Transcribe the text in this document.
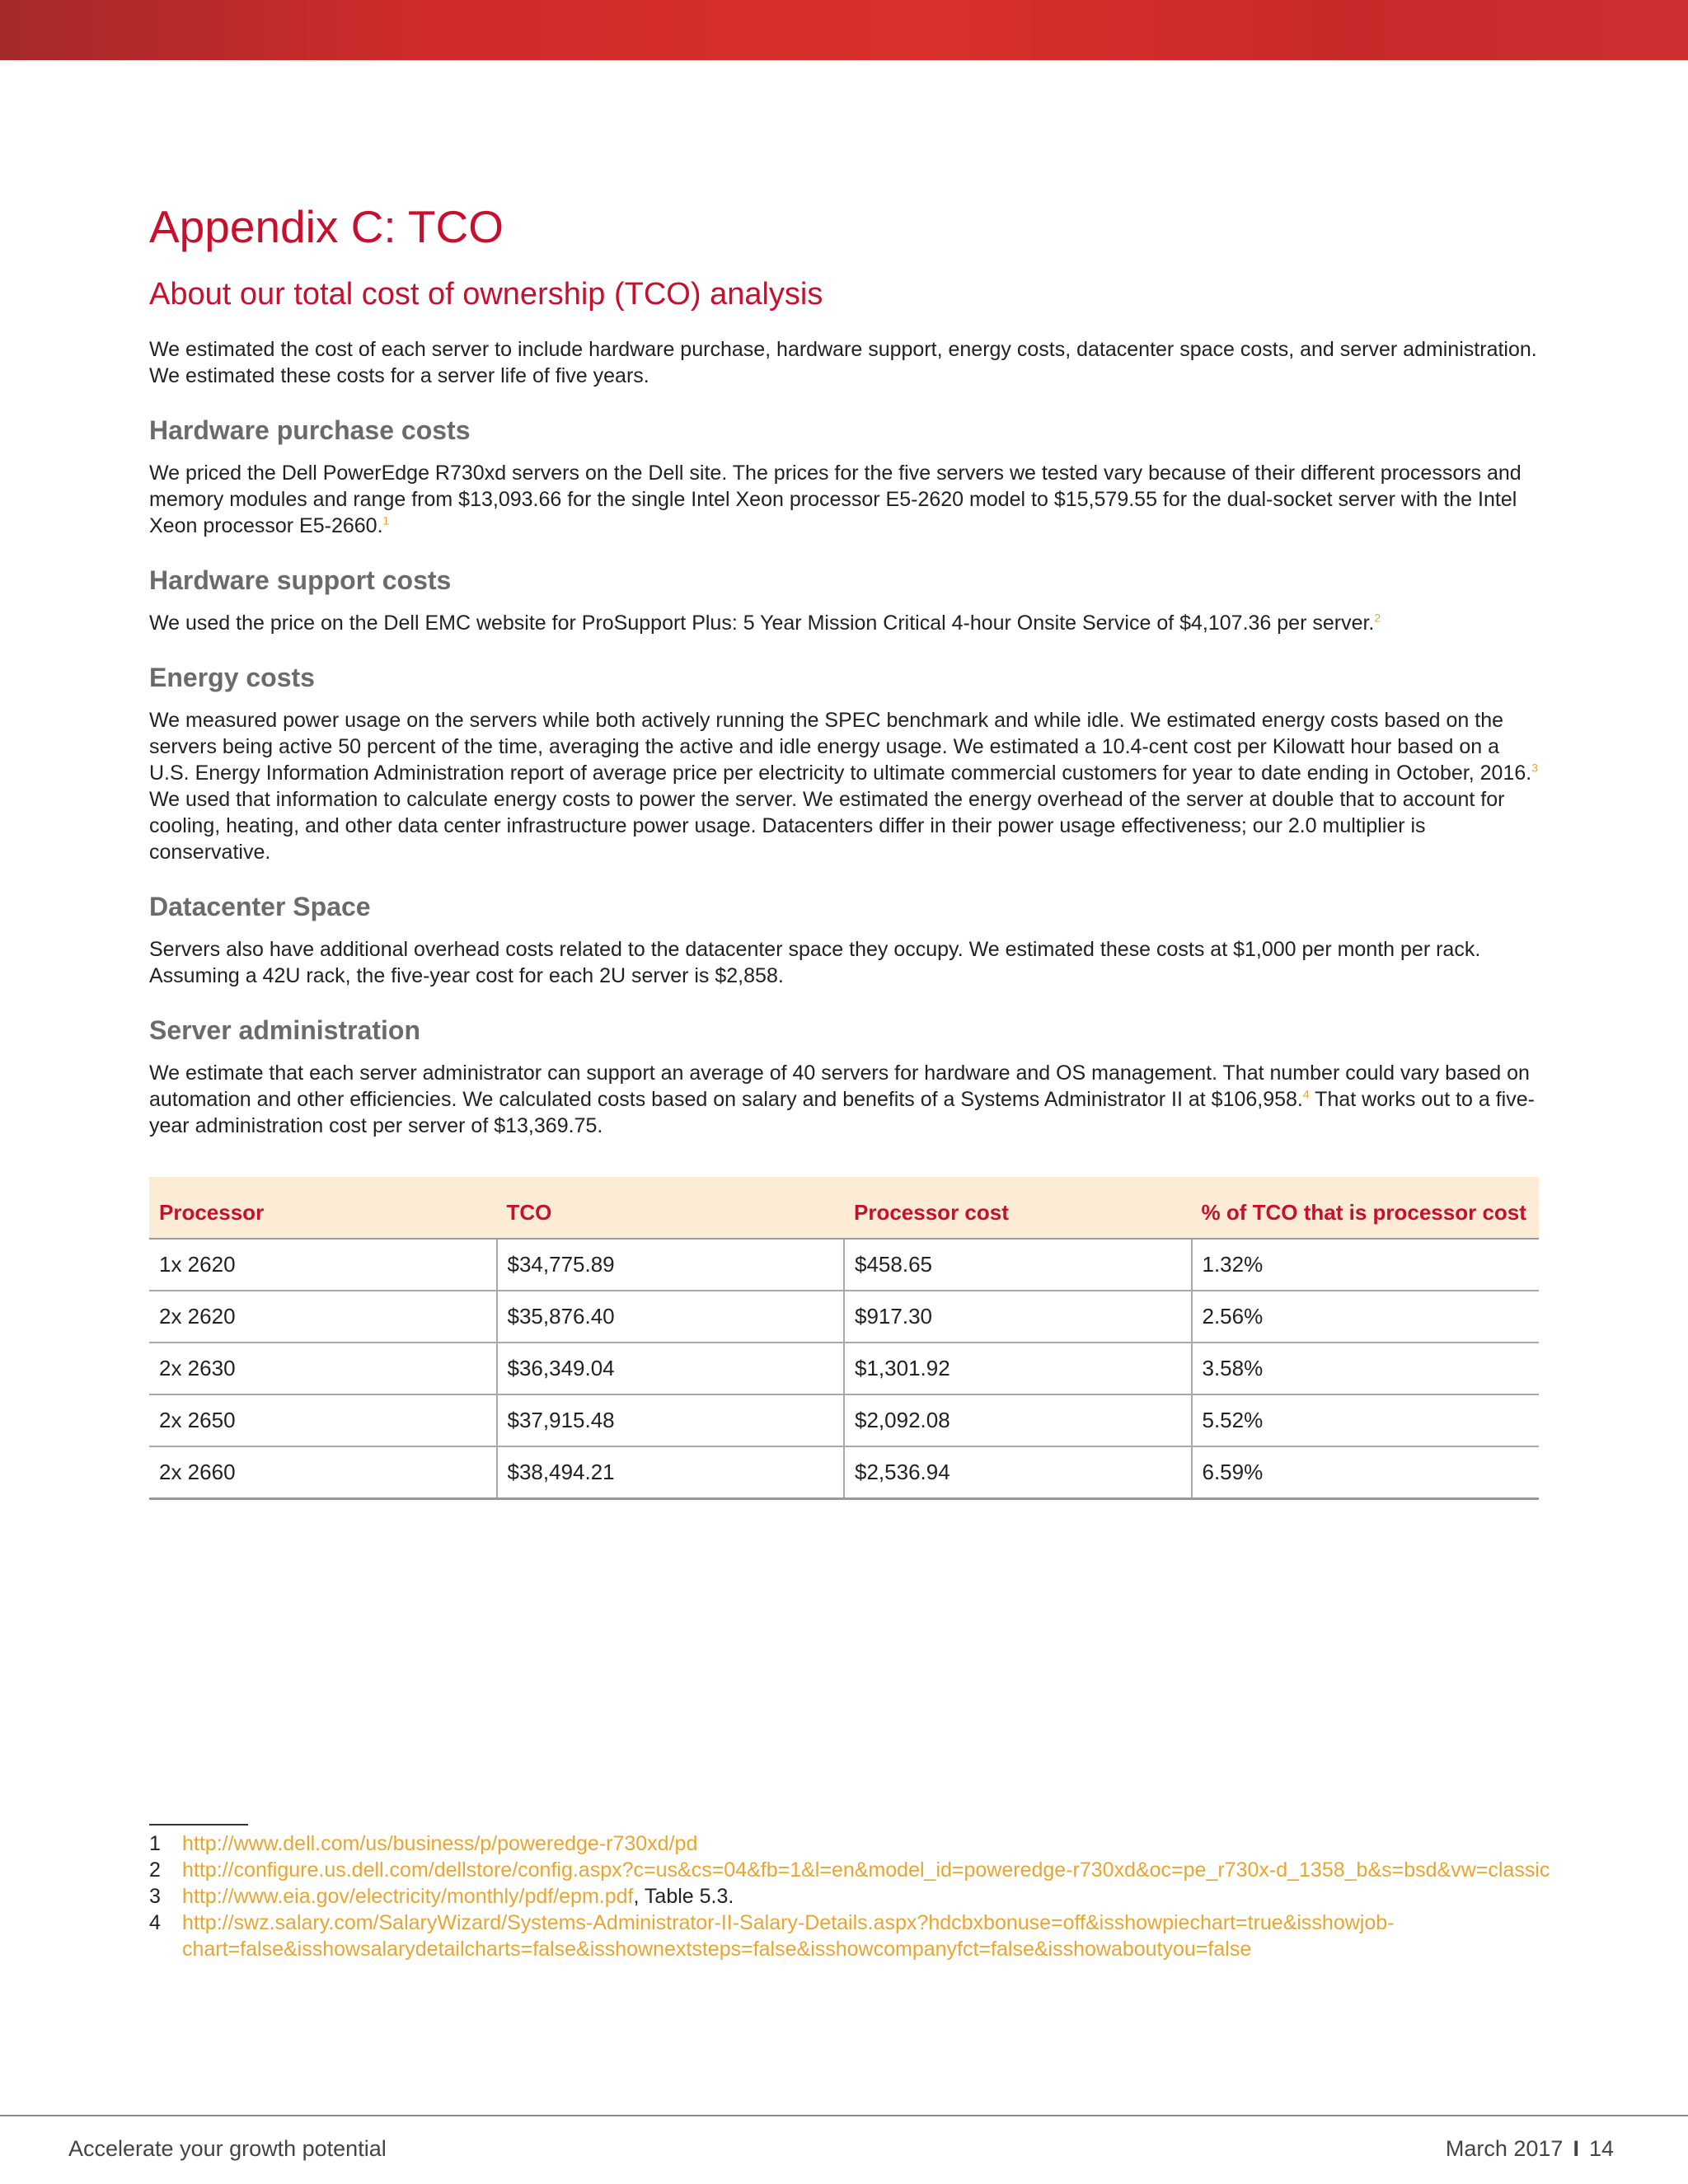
Appendix C: TCO
About our total cost of ownership (TCO) analysis

We estimated the cost of each server to include hardware purchase, hardware support, energy costs, datacenter space costs, and server administration. We estimated these costs for a server life of five years.

Hardware purchase costs

We priced the Dell PowerEdge R730xd servers on the Dell site. The prices for the five servers we tested vary because of their different processors and memory modules and range from $13,093.66 for the single Intel Xeon processor E5-2620 model to $15,579.55 for the dual-socket server with the Intel Xeon processor E5-2660.$^1$

Hardware support costs

We used the price on the Dell EMC website for ProSupport Plus: 5 Year Mission Critical 4-hour Onsite Service of $4,107.36 per server.$^2$

Energy costs

We measured power usage on the servers while both actively running the SPEC benchmark and while idle. We estimated energy costs based on the servers being active 50 percent of the time, averaging the active and idle energy usage. We estimated a 10.4-cent cost per Kilowatt hour based on a U.S. Energy Information Administration report of average price per electricity to ultimate commercial customers for year to date ending in October, 2016.$^3$ We used that information to calculate energy costs to power the server. We estimated the energy overhead of the server at double that to account for cooling, heating, and other data center infrastructure power usage. Datacenters differ in their power usage effectiveness; our 2.0 multiplier is conservative.

Datacenter Space

Servers also have additional overhead costs related to the datacenter space they occupy. We estimated these costs at $1,000 per month per rack. Assuming a 42U rack, the five-year cost for each 2U server is $2,858.

Server administration

We estimate that each server administrator can support an average of 40 servers for hardware and OS management. That number could vary based on automation and other efficiencies. We calculated costs based on salary and benefits of a Systems Administrator II at $106,958.$^4$ That works out to a five-year administration cost per server of $13,369.75.

Processor	TCO	Processor cost	% of TCO that is processor cost
1x 2620	$34,775.89	$458.65	1.32%
2x 2620	$35,876.40	$917.30	2.56%
2x 2630	$36,349.04	$1,301.92	3.58%
2x 2650	$37,915.48	$2,092.08	5.52%
2x 2660	$38,494.21	$2,536.94	6.59%
1	http://www.dell.com/us/business/p/poweredge-r730xd/pd
2	http://configure.us.dell.com/dellstore/config.aspx?c=us&cs=04&fb=1&l=en&model_id=poweredge-r730xd&oc=pe_r730x-d_1358_b&s=bsd&vw=classic
3	http://www.eia.gov/electricity/monthly/pdf/epm.pdf, Table 5.3.
4	http://swz.salary.com/SalaryWizard/Systems-Administrator-II-Salary-Details.aspx?hdcbxbonuse=off&isshowpiechart=true&isshowjob-chart=false&isshowsalarydetailcharts=false&isshownextsteps=false&isshowcompanyfct=false&isshowaboutyou=false
Accelerate your growth potential	March 2017 I 14
